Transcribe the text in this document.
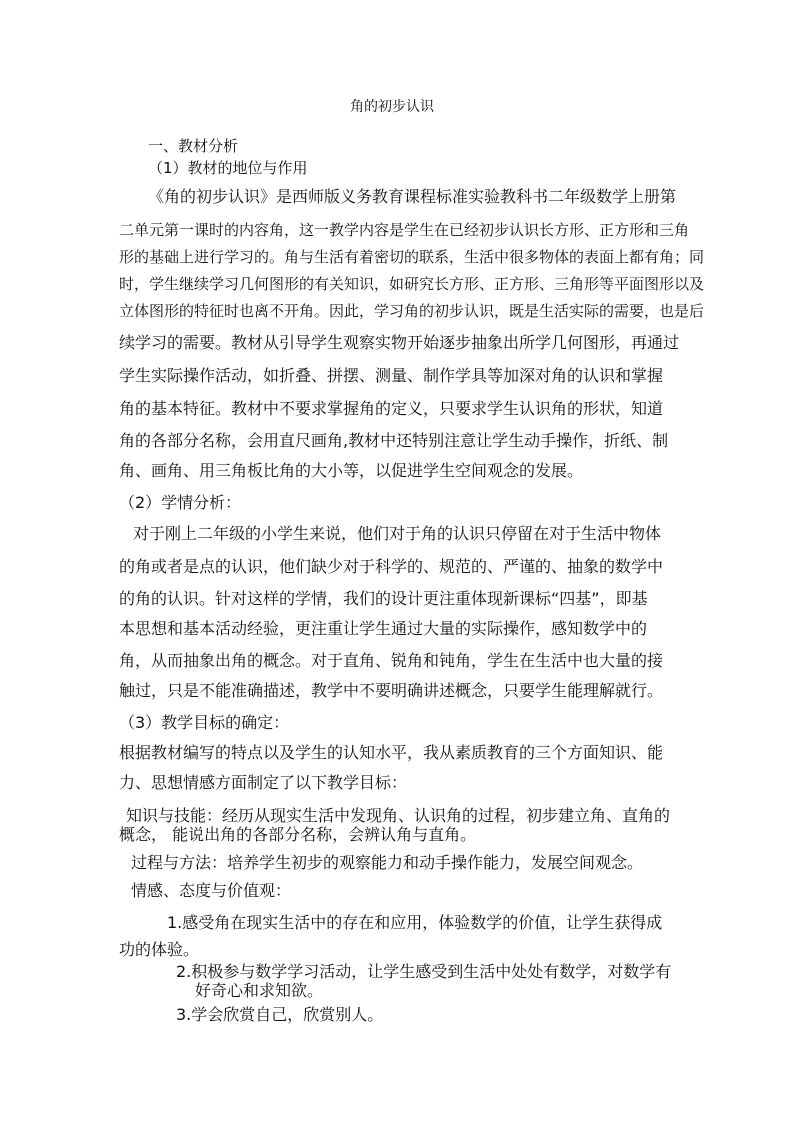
角的初步认识
一、教材分析
（1）教材的地位与作用
《角的初步认识》是西师版义务教育课程标准实验教科书二年级数学上册第
二单元第一课时的内容角，这一教学内容是学生在已经初步认识长方形、正方形和三角
形的基础上进行学习的。角与生活有着密切的联系，生活中很多物体的表面上都有角；同
时，学生继续学习几何图形的有关知识，如研究长方形、正方形、三角形等平面图形以及
立体图形的特征时也离不开角。因此，学习角的初步认识，既是生活实际的需要，也是后
续学习的需要。教材从引导学生观察实物开始逐步抽象出所学几何图形，再通过
学生实际操作活动，如折叠、拼摆、测量、制作学具等加深对角的认识和掌握
角的基本特征。教材中不要求掌握角的定义，只要求学生认识角的形状，知道
角的各部分名称，会用直尺画角,教材中还特别注意让学生动手操作，折纸、制
角、画角、用三角板比角的大小等，以促进学生空间观念的发展。
（2）学情分析：
对于刚上二年级的小学生来说，他们对于角的认识只停留在对于生活中物体
的角或者是点的认识，他们缺少对于科学的、规范的、严谨的、抽象的数学中
的角的认识。针对这样的学情，我们的设计更注重体现新课标“四基”，即基
本思想和基本活动经验，更注重让学生通过大量的实际操作，感知数学中的
角，从而抽象出角的概念。对于直角、锐角和钝角，学生在生活中也大量的接
触过，只是不能准确描述，教学中不要明确讲述概念，只要学生能理解就行。
（3）教学目标的确定：
根据教材编写的特点以及学生的认知水平，我从素质教育的三个方面知识、能
力、思想情感方面制定了以下教学目标：
知识与技能：经历从现实生活中发现角、认识角的过程，初步建立角、直角的
概念， 能说出角的各部分名称，会辨认角与直角。
过程与方法：培养学生初步的观察能力和动手操作能力，发展空间观念。
情感、态度与价值观：
1.感受角在现实生活中的存在和应用，体验数学的价值，让学生获得成
功的体验。
2.积极参与数学学习活动，让学生感受到生活中处处有数学，对数学有
好奇心和求知欲。
3.学会欣赏自己，欣赏别人。
